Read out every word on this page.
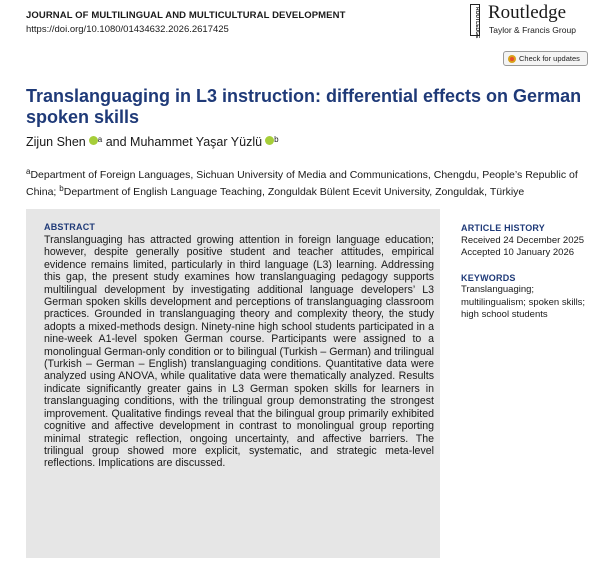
JOURNAL OF MULTILINGUAL AND MULTICULTURAL DEVELOPMENT
https://doi.org/10.1080/01434632.2026.2617425	ROUTLEDGE Routledge
Taylor & Francis Group
Check for updates
Translanguaging in L3 instruction: differential effects on German spoken skills
Zijun Shen $^a$ and Muhammet Yaşar Yüzlü $^b$
$^a$Department of Foreign Languages, Sichuan University of Media and Communications, Chengdu, People’s Republic of China; $^b$Department of English Language Teaching, Zonguldak Bülent Ecevit University, Zonguldak, Türkiye
ABSTRACT

Translanguaging has attracted growing attention in foreign language education; however, despite generally positive student and teacher attitudes, empirical evidence remains limited, particularly in third language (L3) learning. Addressing this gap, the present study examines how translanguaging pedagogy supports multilingual development by investigating additional language developers’ L3 German spoken skills development and perceptions of translanguaging classroom practices. Grounded in translanguaging theory and complexity theory, the study adopts a mixed-methods design. Ninety-nine high school students participated in a nine-week A1-level spoken German course. Participants were assigned to a monolingual German-only condition or to bilingual (Turkish – German) and trilingual (Turkish – German – English) translanguaging conditions. Quantitative data were analyzed using ANOVA, while qualitative data were thematically analyzed. Results indicate significantly greater gains in L3 German spoken skills for learners in translanguaging conditions, with the trilingual group demonstrating the strongest improvement. Qualitative findings reveal that the bilingual group primarily exhibited cognitive and affective development in contrast to monolingual group reporting minimal strategic reflection, ongoing uncertainty, and affective barriers. The trilingual group showed more explicit, systematic, and strategic meta-level reflections. Implications are discussed.

ARTICLE HISTORY
Received 24 December 2025
Accepted 10 January 2026
KEYWORDS
Translanguaging; multilingualism; spoken skills; high school students
